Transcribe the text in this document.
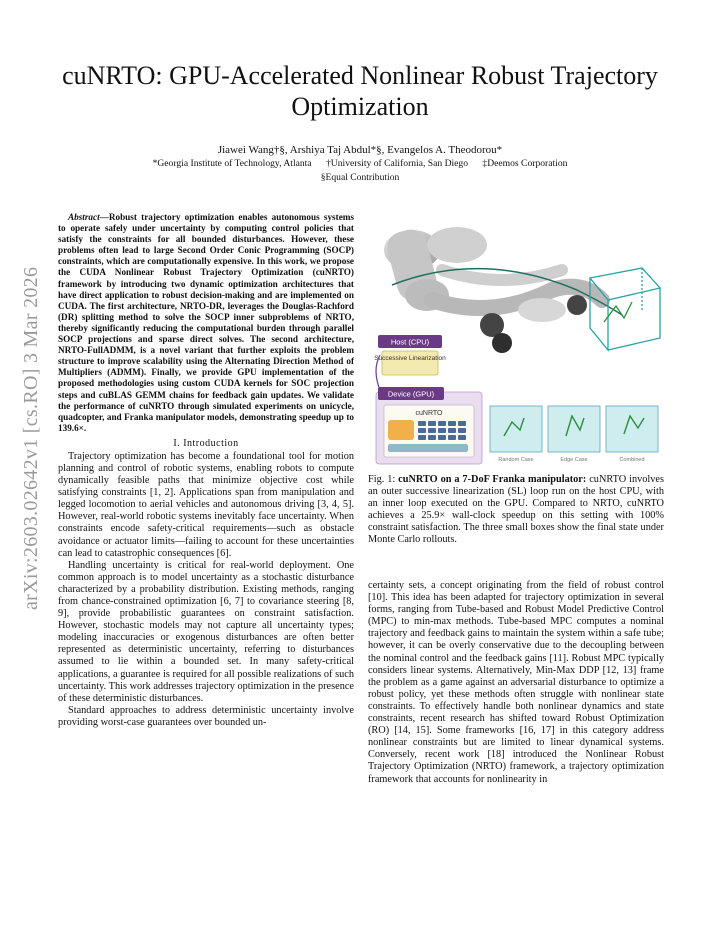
cuNRTO: GPU-Accelerated Nonlinear Robust Trajectory Optimization
Jiawei Wang†§, Arshiya Taj Abdul*§, Evangelos A. Theodorou*
*Georgia Institute of Technology, Atlanta †University of California, San Diego ‡Deemos Corporation
§Equal Contribution
arXiv:2603.02642v1 [cs.RO] 3 Mar 2026

Abstract—Robust trajectory optimization enables autonomous systems to operate safely under uncertainty by computing control policies that satisfy the constraints for all bounded disturbances. However, these problems often lead to large Second Order Conic Programming (SOCP) constraints, which are computationally expensive. In this work, we propose the CUDA Nonlinear Robust Trajectory Optimization (cuNRTO) framework by introducing two dynamic optimization architectures that have direct application to robust decision-making and are implemented on CUDA. The first architecture, NRTO-DR, leverages the Douglas-Rachford (DR) splitting method to solve the SOCP inner subproblems of NRTO, thereby significantly reducing the computational burden through parallel SOCP projections and sparse direct solves. The second architecture, NRTO-FullADMM, is a novel variant that further exploits the problem structure to improve scalability using the Alternating Direction Method of Multipliers (ADMM). Finally, we provide GPU implementation of the proposed methodologies using custom CUDA kernels for SOC projection steps and cuBLAS GEMM chains for feedback gain updates. We validate the performance of cuNRTO through simulated experiments on unicycle, quadcopter, and Franka manipulator models, demonstrating speedup up to 139.6×.

I. Introduction

Trajectory optimization has become a foundational tool for motion planning and control of robotic systems, enabling robots to compute dynamically feasible paths that minimize objective cost while satisfying constraints [1, 2]. Applications span from manipulation and legged locomotion to aerial vehicles and autonomous driving [3, 4, 5]. However, real-world robotic systems inevitably face uncertainty. When constraints encode safety-critical requirements—such as obstacle avoidance or actuator limits—failing to account for these uncertainties can lead to catastrophic consequences [6].

Handling uncertainty is critical for real-world deployment. One common approach is to model uncertainty as a stochastic disturbance characterized by a probability distribution. Existing methods, ranging from chance-constrained optimization [6, 7] to covariance steering [8, 9], provide probabilistic guarantees on constraint satisfaction. However, stochastic models may not capture all uncertainty types; modeling inaccuracies or exogenous disturbances are often better represented as deterministic uncertainty, referring to disturbances assumed to lie within a bounded set. In many safety-critical applications, a guarantee is required for all possible realizations of such uncertainty. This work addresses trajectory optimization in the presence of these deterministic disturbances.

Standard approaches to address deterministic uncertainty involve providing worst-case guarantees over bounded un-

Host (CPU)
Successive Linearization
Device (GPU)
cuNRTO
Random Case	Edge Case	Combined
Fig. 1: cuNRTO on a 7-DoF Franka manipulator: cuNRTO involves an outer successive linearization (SL) loop run on the host CPU, with an inner loop executed on the GPU. Compared to NRTO, cuNRTO achieves a 25.9× wall-clock speedup on this setting with 100% constraint satisfaction. The three small boxes show the final state under Monte Carlo rollouts.

certainty sets, a concept originating from the field of robust control [10]. This idea has been adapted for trajectory optimization in several forms, ranging from Tube-based and Robust Model Predictive Control (MPC) to min-max methods. Tube-based MPC computes a nominal trajectory and feedback gains to maintain the system within a safe tube; however, it can be overly conservative due to the decoupling between the nominal control and the feedback gains [11]. Robust MPC typically considers linear systems. Alternatively, Min-Max DDP [12, 13] frame the problem as a game against an adversarial disturbance to optimize a robust policy, yet these methods often struggle with nonlinear state constraints. To effectively handle both nonlinear dynamics and state constraints, recent research has shifted toward Robust Optimization (RO) [14, 15]. Some frameworks [16, 17] in this category address nonlinear constraints but are limited to linear dynamical systems. Conversely, recent work [18] introduced the Nonlinear Robust Trajectory Optimization (NRTO) framework, a trajectory optimization framework that accounts for nonlinearity in
